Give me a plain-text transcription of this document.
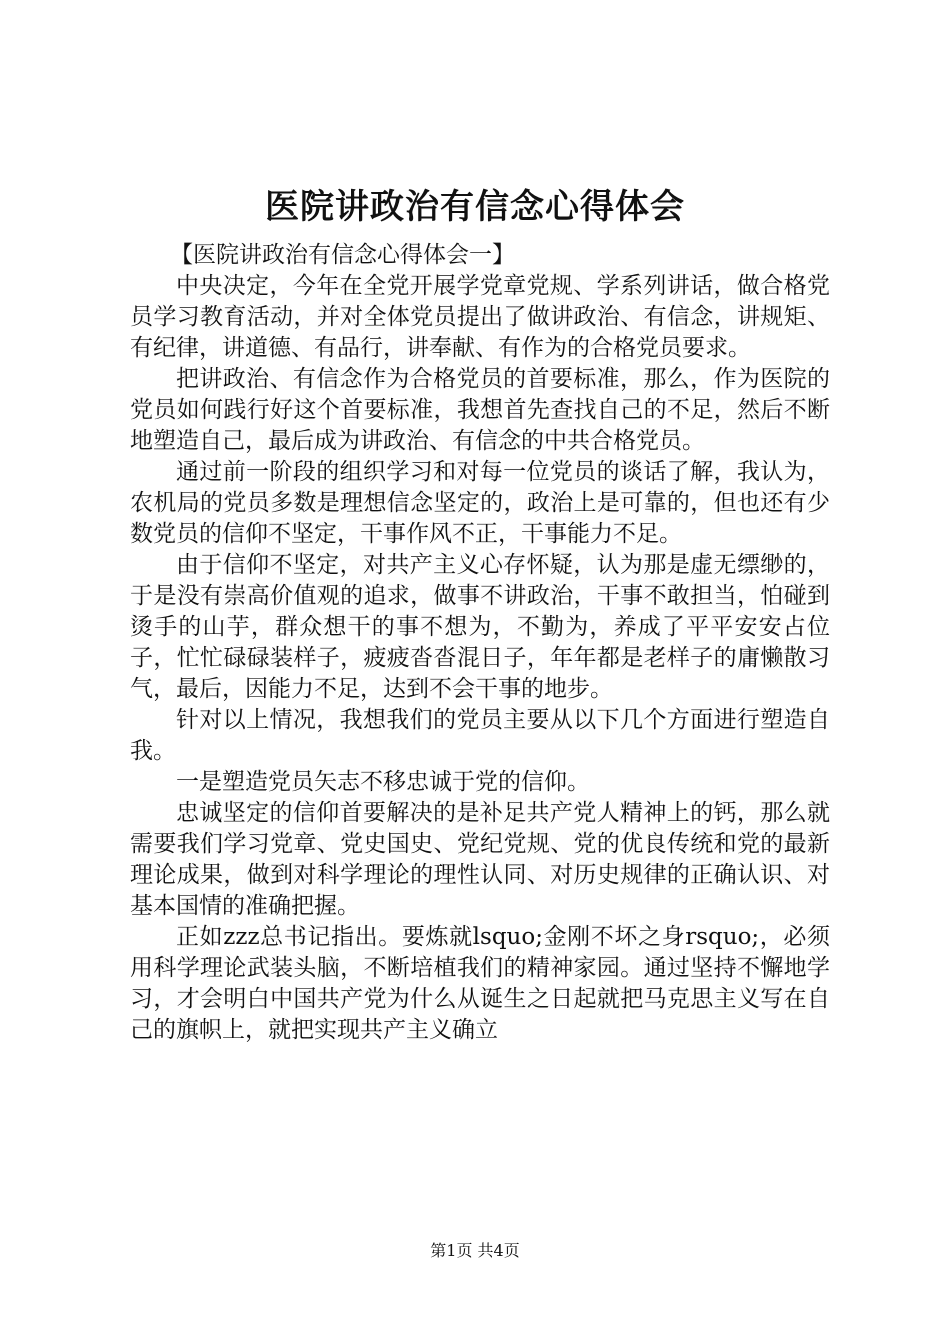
医院讲政治有信念心得体会

【医院讲政治有信念心得体会一】

中央决定，今年在全党开展学党章党规、学系列讲话，做合格党员学习教育活动，并对全体党员提出了做讲政治、有信念，讲规矩、有纪律，讲道德、有品行，讲奉献、有作为的合格党员要求。

把讲政治、有信念作为合格党员的首要标准，那么，作为医院的党员如何践行好这个首要标准，我想首先查找自己的不足，然后不断地塑造自己，最后成为讲政治、有信念的中共合格党员。

通过前一阶段的组织学习和对每一位党员的谈话了解，我认为，农机局的党员多数是理想信念坚定的，政治上是可靠的，但也还有少数党员的信仰不坚定，干事作风不正，干事能力不足。

由于信仰不坚定，对共产主义心存怀疑，认为那是虚无缥缈的，于是没有崇高价值观的追求，做事不讲政治，干事不敢担当，怕碰到烫手的山芋，群众想干的事不想为，不勤为，养成了平平安安占位子，忙忙碌碌装样子，疲疲沓沓混日子，年年都是老样子的庸懒散习气，最后，因能力不足，达到不会干事的地步。

针对以上情况，我想我们的党员主要从以下几个方面进行塑造自我。

一是塑造党员矢志不移忠诚于党的信仰。

忠诚坚定的信仰首要解决的是补足共产党人精神上的钙，那么就需要我们学习党章、党史国史、党纪党规、党的优良传统和党的最新理论成果，做到对科学理论的理性认同、对历史规律的正确认识、对基本国情的准确把握。

正如zzz总书记指出。要炼就lsquo;金刚不坏之身rsquo;，必须用科学理论武装头脑，不断培植我们的精神家园。通过坚持不懈地学习，才会明白中国共产党为什么从诞生之日起就把马克思主义写在自己的旗帜上，就把实现共产主义确立

第1页 共4页
